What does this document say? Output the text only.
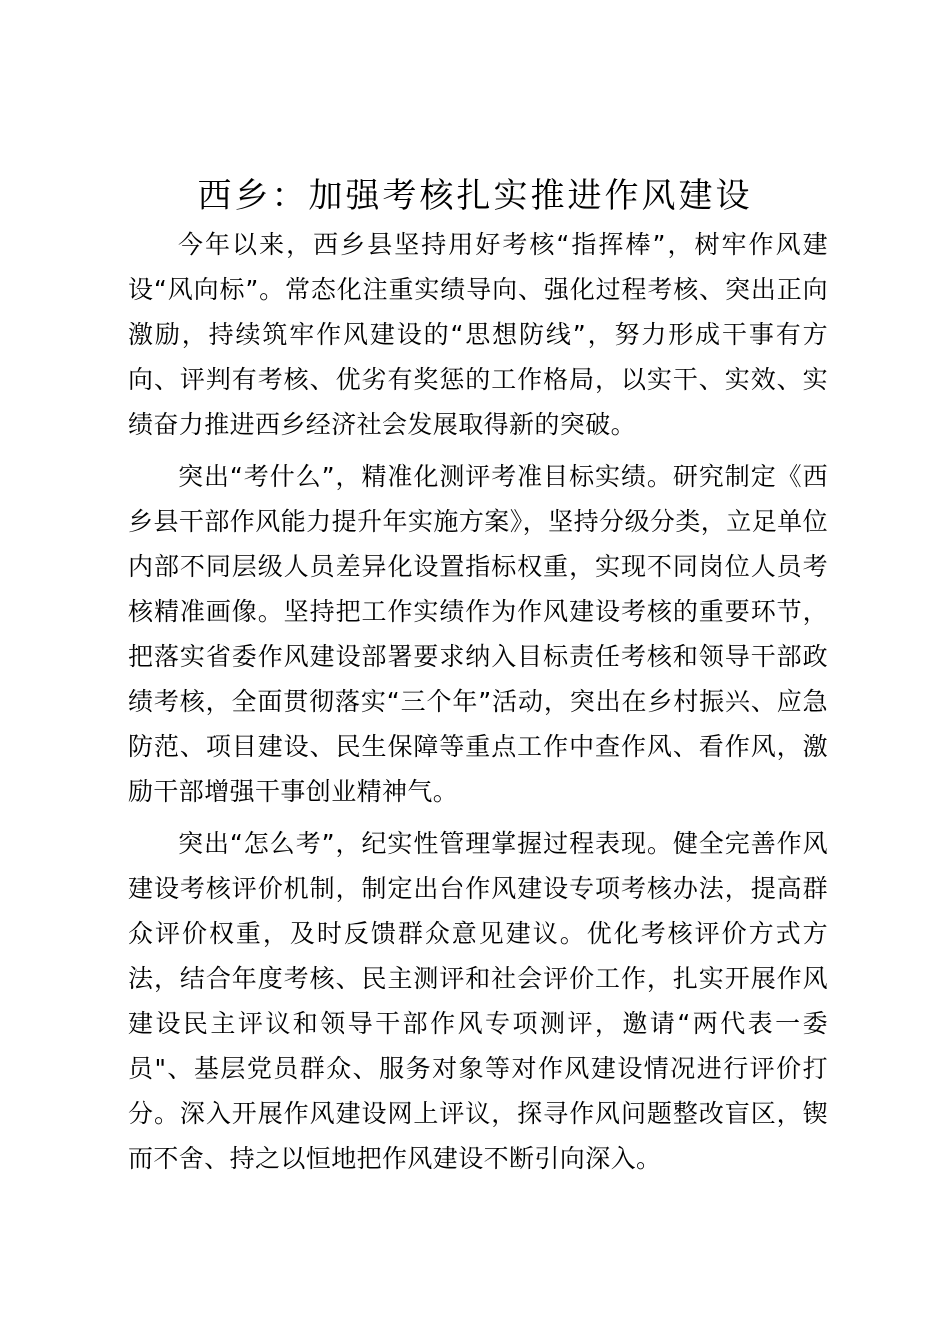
西乡：加强考核扎实推进作风建设

今年以来，西乡县坚持用好考核“指挥棒”，树牢作风建设“风向标”。常态化注重实绩导向、强化过程考核、突出正向激励，持续筑牢作风建设的“思想防线”，努力形成干事有方向、评判有考核、优劣有奖惩的工作格局，以实干、实效、实绩奋力推进西乡经济社会发展取得新的突破。

突出“考什么”，精准化测评考准目标实绩。研究制定《西乡县干部作风能力提升年实施方案》，坚持分级分类，立足单位内部不同层级人员差异化设置指标权重，实现不同岗位人员考核精准画像。坚持把工作实绩作为作风建设考核的重要环节，把落实省委作风建设部署要求纳入目标责任考核和领导干部政绩考核，全面贯彻落实“三个年”活动，突出在乡村振兴、应急防范、项目建设、民生保障等重点工作中查作风、看作风，激励干部增强干事创业精神气。

突出“怎么考”，纪实性管理掌握过程表现。健全完善作风建设考核评价机制，制定出台作风建设专项考核办法，提高群众评价权重，及时反馈群众意见建议。优化考核评价方式方法，结合年度考核、民主测评和社会评价工作，扎实开展作风建设民主评议和领导干部作风专项测评，邀请“两代表一委员"、基层党员群众、服务对象等对作风建设情况进行评价打分。深入开展作风建设网上评议，探寻作风问题整改盲区，锲而不舍、持之以恒地把作风建设不断引向深入。
